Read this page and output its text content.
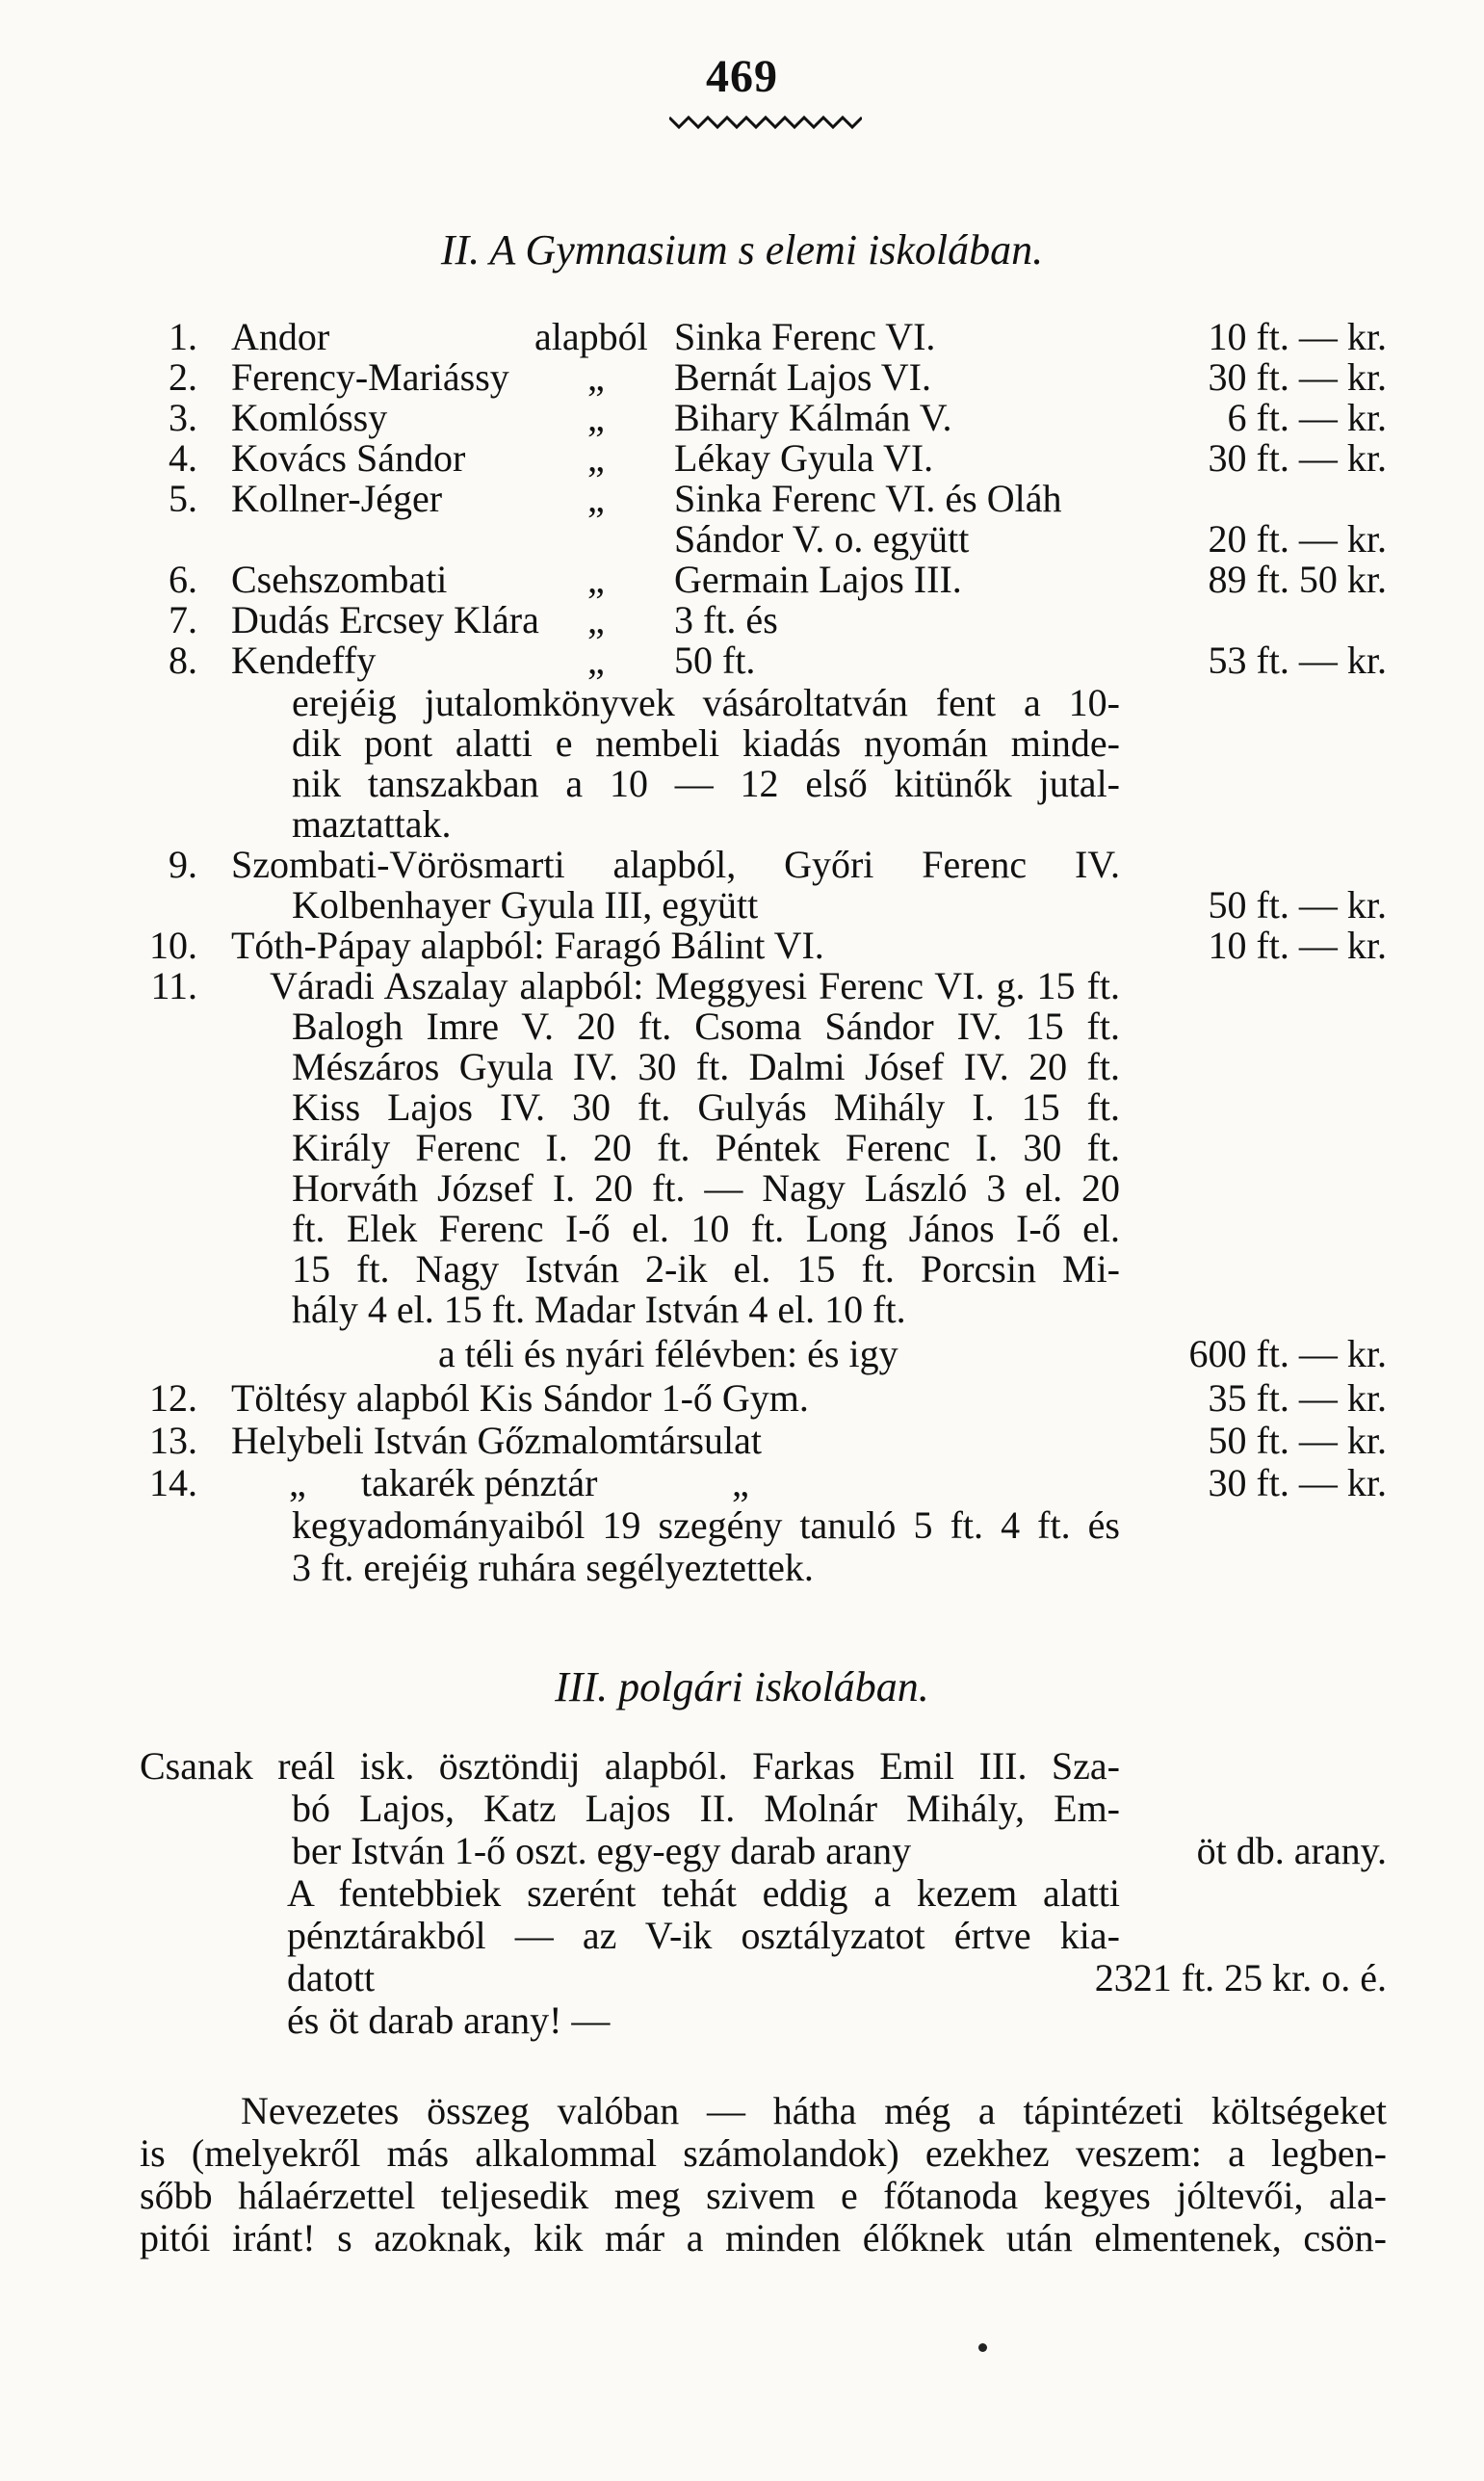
469
II. A Gymnasium s elemi iskolában.
1. Andor	alapból Sinka Ferenc VI.	10 ft. — kr.
2. Ferency-Mariássy „ Bernát Lajos VI.	30 ft. — kr.
3. Komlóssy	„ Bihary Kálmán V.	6 ft. — kr.
4. Kovács Sándor	„ Lékay Gyula VI.	30 ft. — kr.
5. Kollner-Jéger	„ Sinka Ferenc VI. és Oláh
Sándor V. o. együtt	20 ft. — kr.
6. Csehszombati	„ Germain Lajos III.	89 ft. 50 kr.
7. Dudás Ercsey Klára „ 3 ft. és
8. Kendeffy	„ 50 ft.	53 ft. — kr.
erejéig jutalomkönyvek vásároltatván fent a 10-
dik pont alatti e nembeli kiadás nyomán minde-
nik tanszakban a 10 — 12 első kitünők jutal-
maztattak.
9. Szombati-Vörösmarti alapból, Győri Ferenc IV.
Kolbenhayer Gyula III, együtt	50 ft. — kr.
10. Tóth-Pápay alapból: Faragó Bálint VI.	10 ft. — kr.
11. Váradi Aszalay alapból: Meggyesi Ferenc VI. g. 15 ft.
Balogh Imre V. 20 ft. Csoma Sándor IV. 15 ft.
Mészáros Gyula IV. 30 ft. Dalmi Jósef IV. 20 ft.
Kiss Lajos IV. 30 ft. Gulyás Mihály I. 15 ft.
Király Ferenc I. 20 ft. Péntek Ferenc I. 30 ft.
Horváth József I. 20 ft. — Nagy László 3 el. 20
ft. Elek Ferenc I-ő el. 10 ft. Long János I-ő el.
15 ft. Nagy István 2-ik el. 15 ft. Porcsin Mi-
hály 4 el. 15 ft. Madar István 4 el. 10 ft.
a téli és nyári félévben: és igy	600 ft. — kr.
12. Töltésy alapból Kis Sándor 1-ő Gym.	35 ft. — kr.
13. Helybeli István Gőzmalomtársulat	50 ft. — kr.
14. „ takarék pénztár	„	30 ft. — kr.
kegyadományaiból 19 szegény tanuló 5 ft. 4 ft. és
3 ft. erejéig ruhára segélyeztettek.
III. polgári iskolában.
Csanak reál isk. ösztöndij alapból. Farkas Emil III. Sza-
bó Lajos, Katz Lajos II. Molnár Mihály, Em-
ber István 1-ő oszt. egy-egy darab arany	öt db. arany.
A fentebbiek szerént tehát eddig a kezem alatti
pénztárakból — az V-ik osztályzatot értve kia-
datott	2321 ft. 25 kr. o. é.
és öt darab arany! —
Nevezetes összeg valóban — hátha még a tápintézeti költségeket
is (melyekről más alkalommal számolandok) ezekhez veszem: a legben-
sőbb hálaérzettel teljesedik meg szivem e főtanoda kegyes jóltevői, ala-
pitói iránt! s azoknak, kik már a minden élőknek után elmentenek, csön-
